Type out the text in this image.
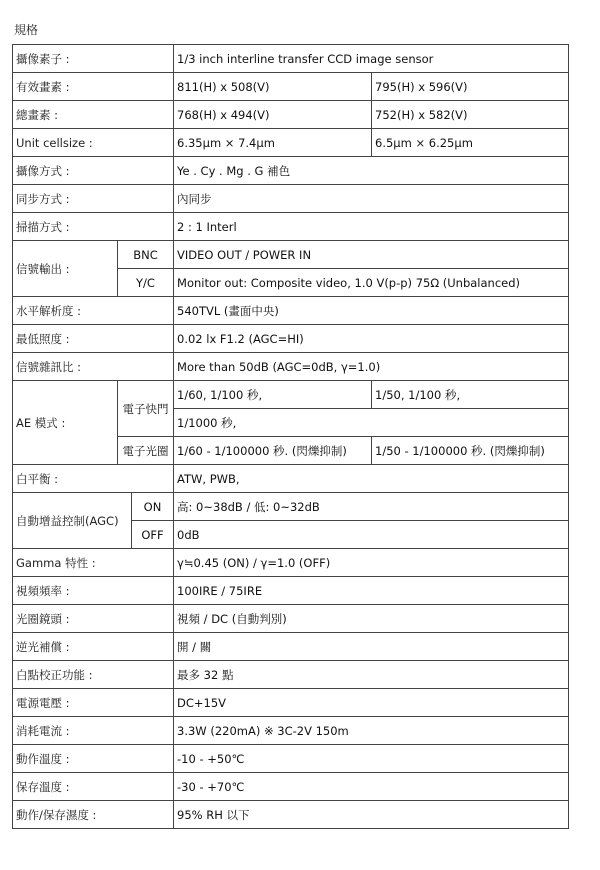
規格
攝像素子 :			1/3 inch interline transfer CCD image sensor	
有效畫素 :			811(H) x 508(V)	795(H) x 596(V)
總畫素 :			768(H) x 494(V)	752(H) x 582(V)
Unit cellsize :			6.35μm × 7.4μm	6.5μm × 6.25μm
攝像方式 :			Ye . Cy . Mg . G 補色	
同步方式 :			內同步	
掃描方式 :			2 : 1 Interl	
信號輸出 :	BNC		VIDEO OUT / POWER IN	
	Y/C		Monitor out: Composite video, 1.0 V(p-p) 75Ω (Unbalanced)	
水平解析度 :			540TVL (畫面中央)	
最低照度 :			0.02 lx F1.2 (AGC=HI)	
信號雜訊比 :			More than 50dB (AGC=0dB, γ=1.0)	
AE 模式 :	電子快門		1/60, 1/100 秒,	1/50, 1/100 秒,
			1/1000 秒,	
	電子光圈		1/60 - 1/100000 秒. (閃爍抑制)	1/50 - 1/100000 秒. (閃爍抑制)
白平衡 :			ATW, PWB,	
自動增益控制(AGC)		ON	高: 0~38dB / 低: 0~32dB	
		OFF	0dB	
Gamma 特性 :			γ≒0.45 (ON) / γ=1.0 (OFF)	
視頻頻率 :			100IRE / 75IRE	
光圈鏡頭 :			視頻 / DC (自動判別)	
逆光補償 :			開 / 關	
白點校正功能 :			最多 32 點	
電源電壓 :			DC+15V	
消耗電流 :			3.3W (220mA) ※ 3C-2V 150m	
動作溫度 :			-10 - +50℃	
保存溫度 :			-30 - +70℃	
動作/保存濕度 :			95% RH 以下	
